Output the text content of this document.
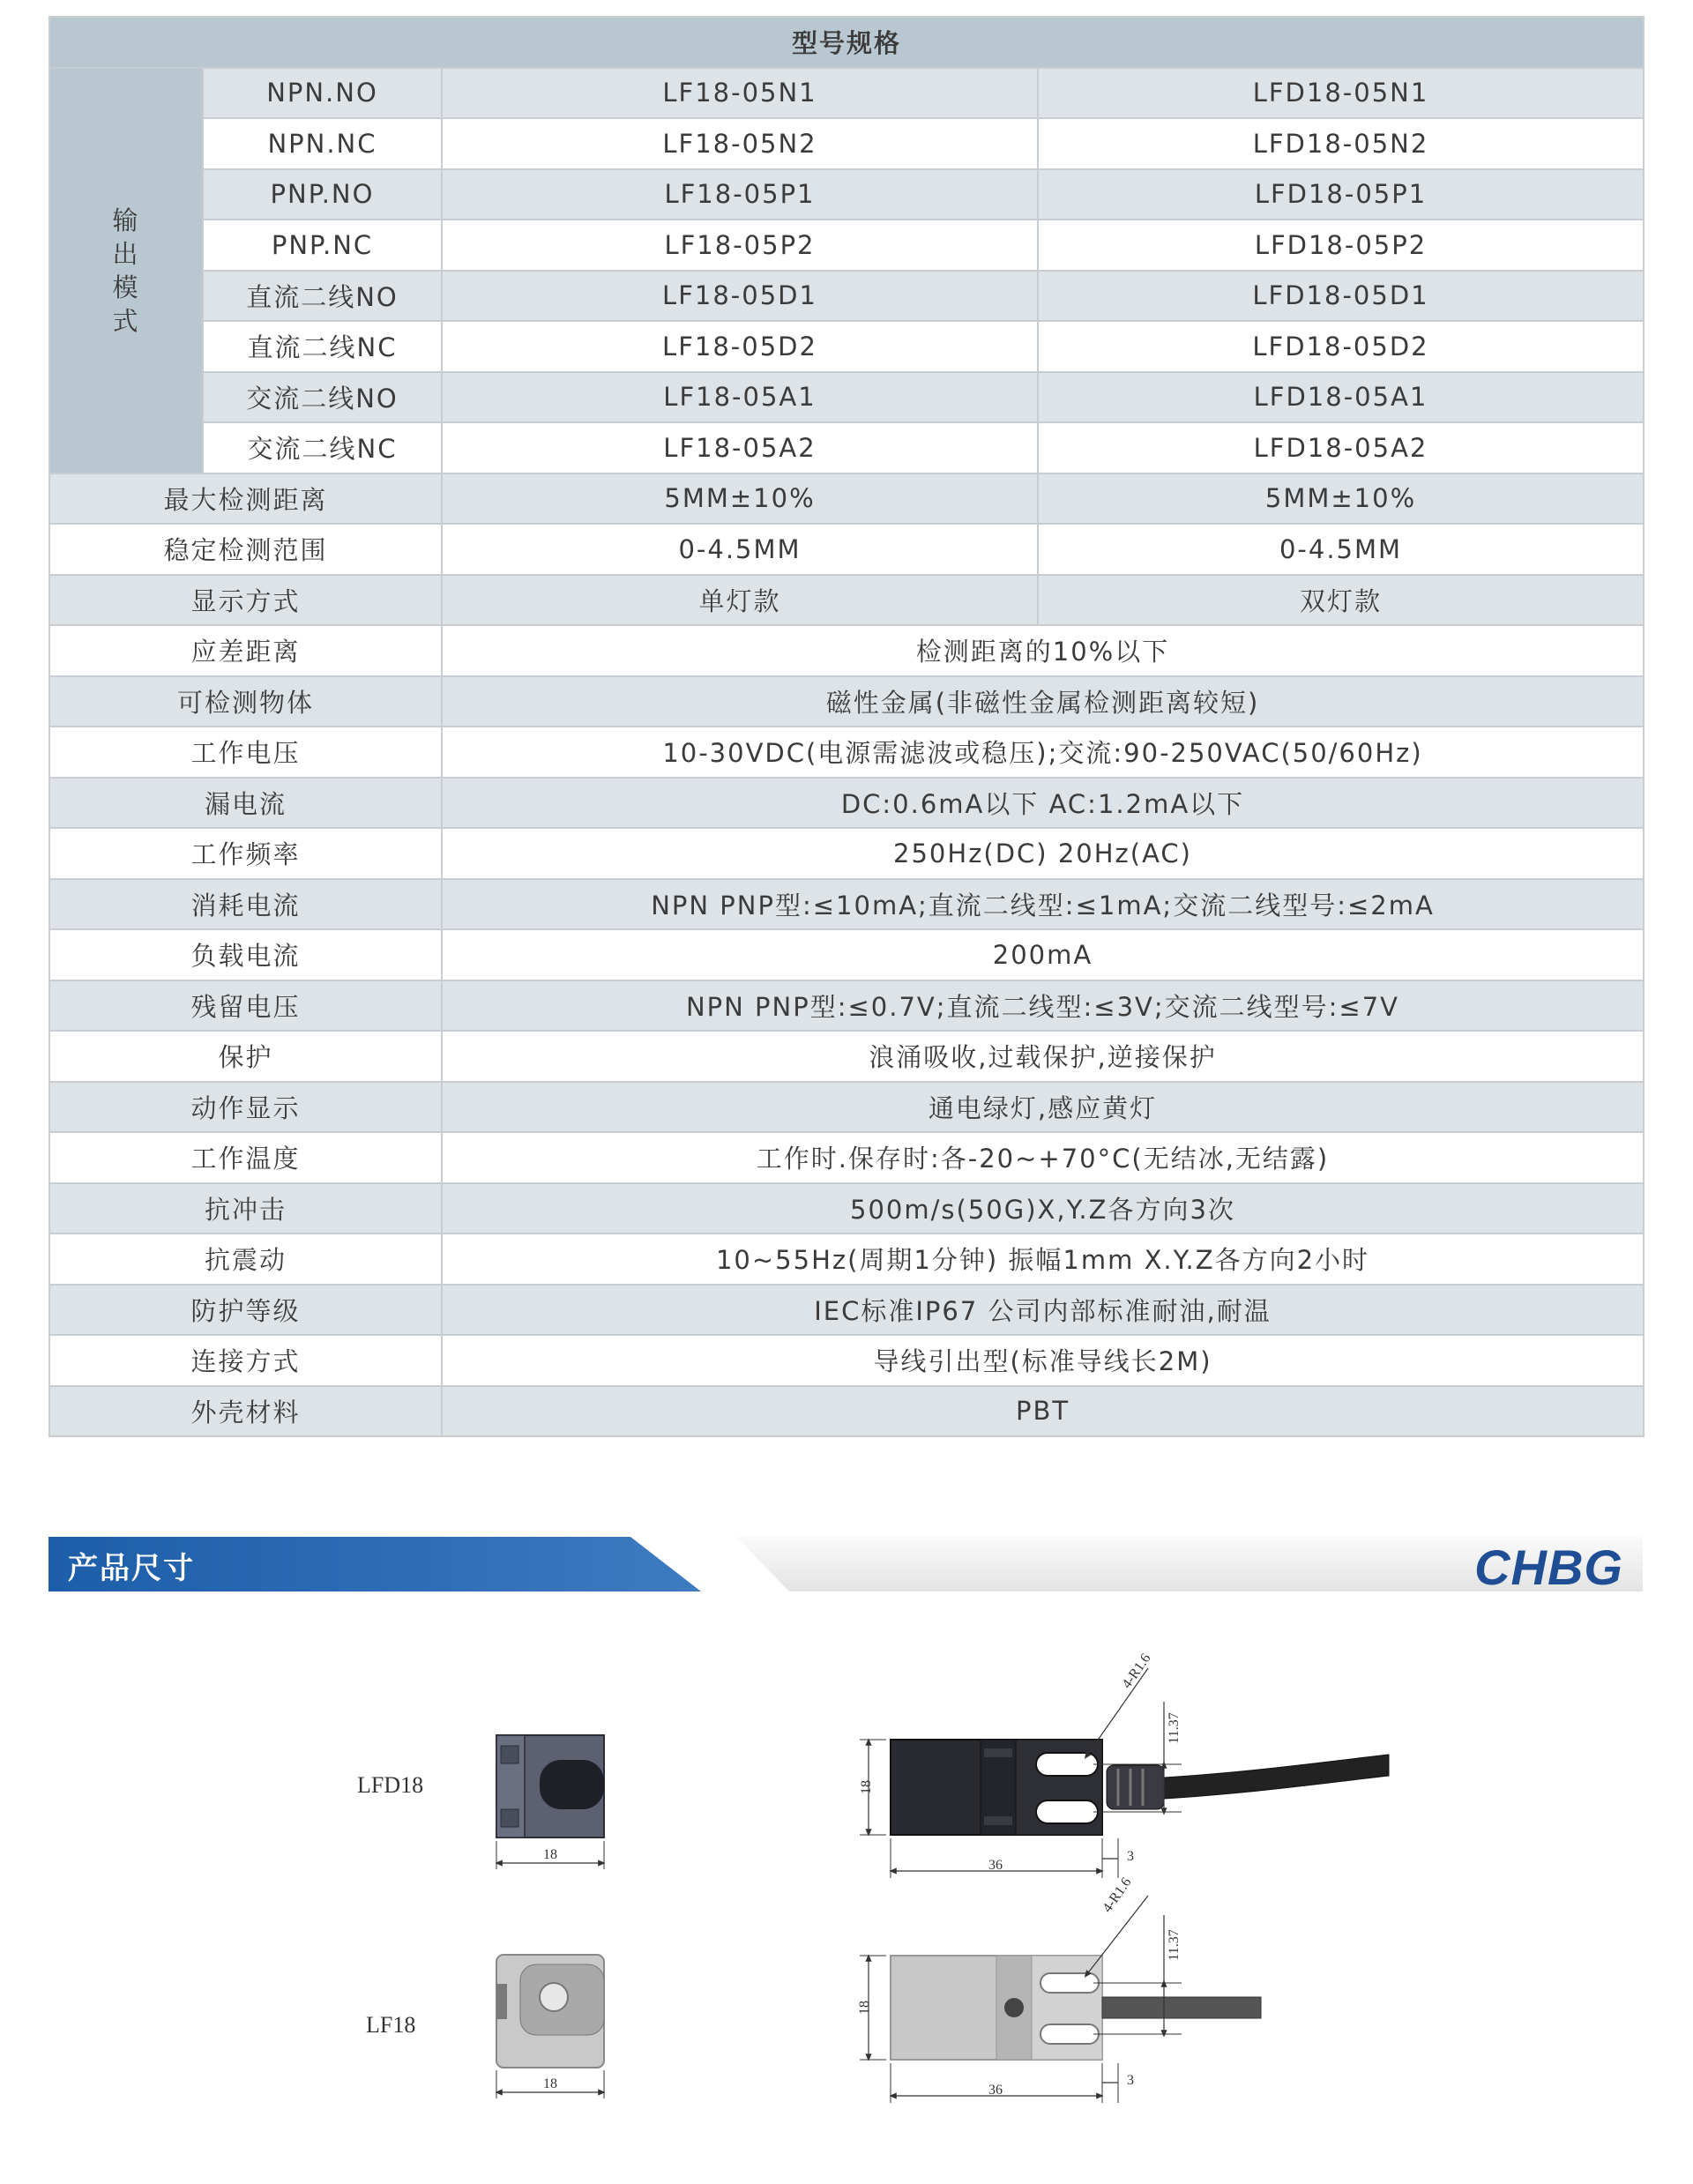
型号规格			

输
出
模
式	NPN.NO	LF18-05N1	LFD18-05N1
	NPN.NC	LF18-05N2	LFD18-05N2
	PNP.NO	LF18-05P1	LFD18-05P1
	PNP.NC	LF18-05P2	LFD18-05P2
	直流二线NO	LF18-05D1	LFD18-05D1
	直流二线NC	LF18-05D2	LFD18-05D2
	交流二线NO	LF18-05A1	LFD18-05A1
	交流二线NC	LF18-05A2	LFD18-05A2
最大检测距离		5MM±10%	5MM±10%
稳定检测范围		0-4.5MM	0-4.5MM
显示方式		单灯款	双灯款
应差距离		检测距离的10%以下	
可检测物体		磁性金属(非磁性金属检测距离较短)	
工作电压		10-30VDC(电源需滤波或稳压);交流:90-250VAC(50/60Hz)	
漏电流		DC:0.6mA以下 AC:1.2mA以下	
工作频率		250Hz(DC) 20Hz(AC)	
消耗电流		NPN PNP型:≤10mA;直流二线型:≤1mA;交流二线型号:≤2mA	
负载电流		200mA	
残留电压		NPN PNP型:≤0.7V;直流二线型:≤3V;交流二线型号:≤7V	
保护		浪涌吸收,过载保护,逆接保护	
动作显示		通电绿灯,感应黄灯	
工作温度		工作时.保存时:各-20~+70°C(无结冰,无结露)	
抗冲击		500m/s(50G)X,Y.Z各方向3次	
抗震动		10~55Hz(周期1分钟) 振幅1mm X.Y.Z各方向2小时	
防护等级		IEC标准IP67 公司内部标准耐油,耐温	
连接方式		导线引出型(标准导线长2M)	
外壳材料		PBT	
产品尺寸	CHBG
LFD18
LF18
18
36
3
18
11.37
4-R1.6
18	36
3
18
11.37
4-R1.6
